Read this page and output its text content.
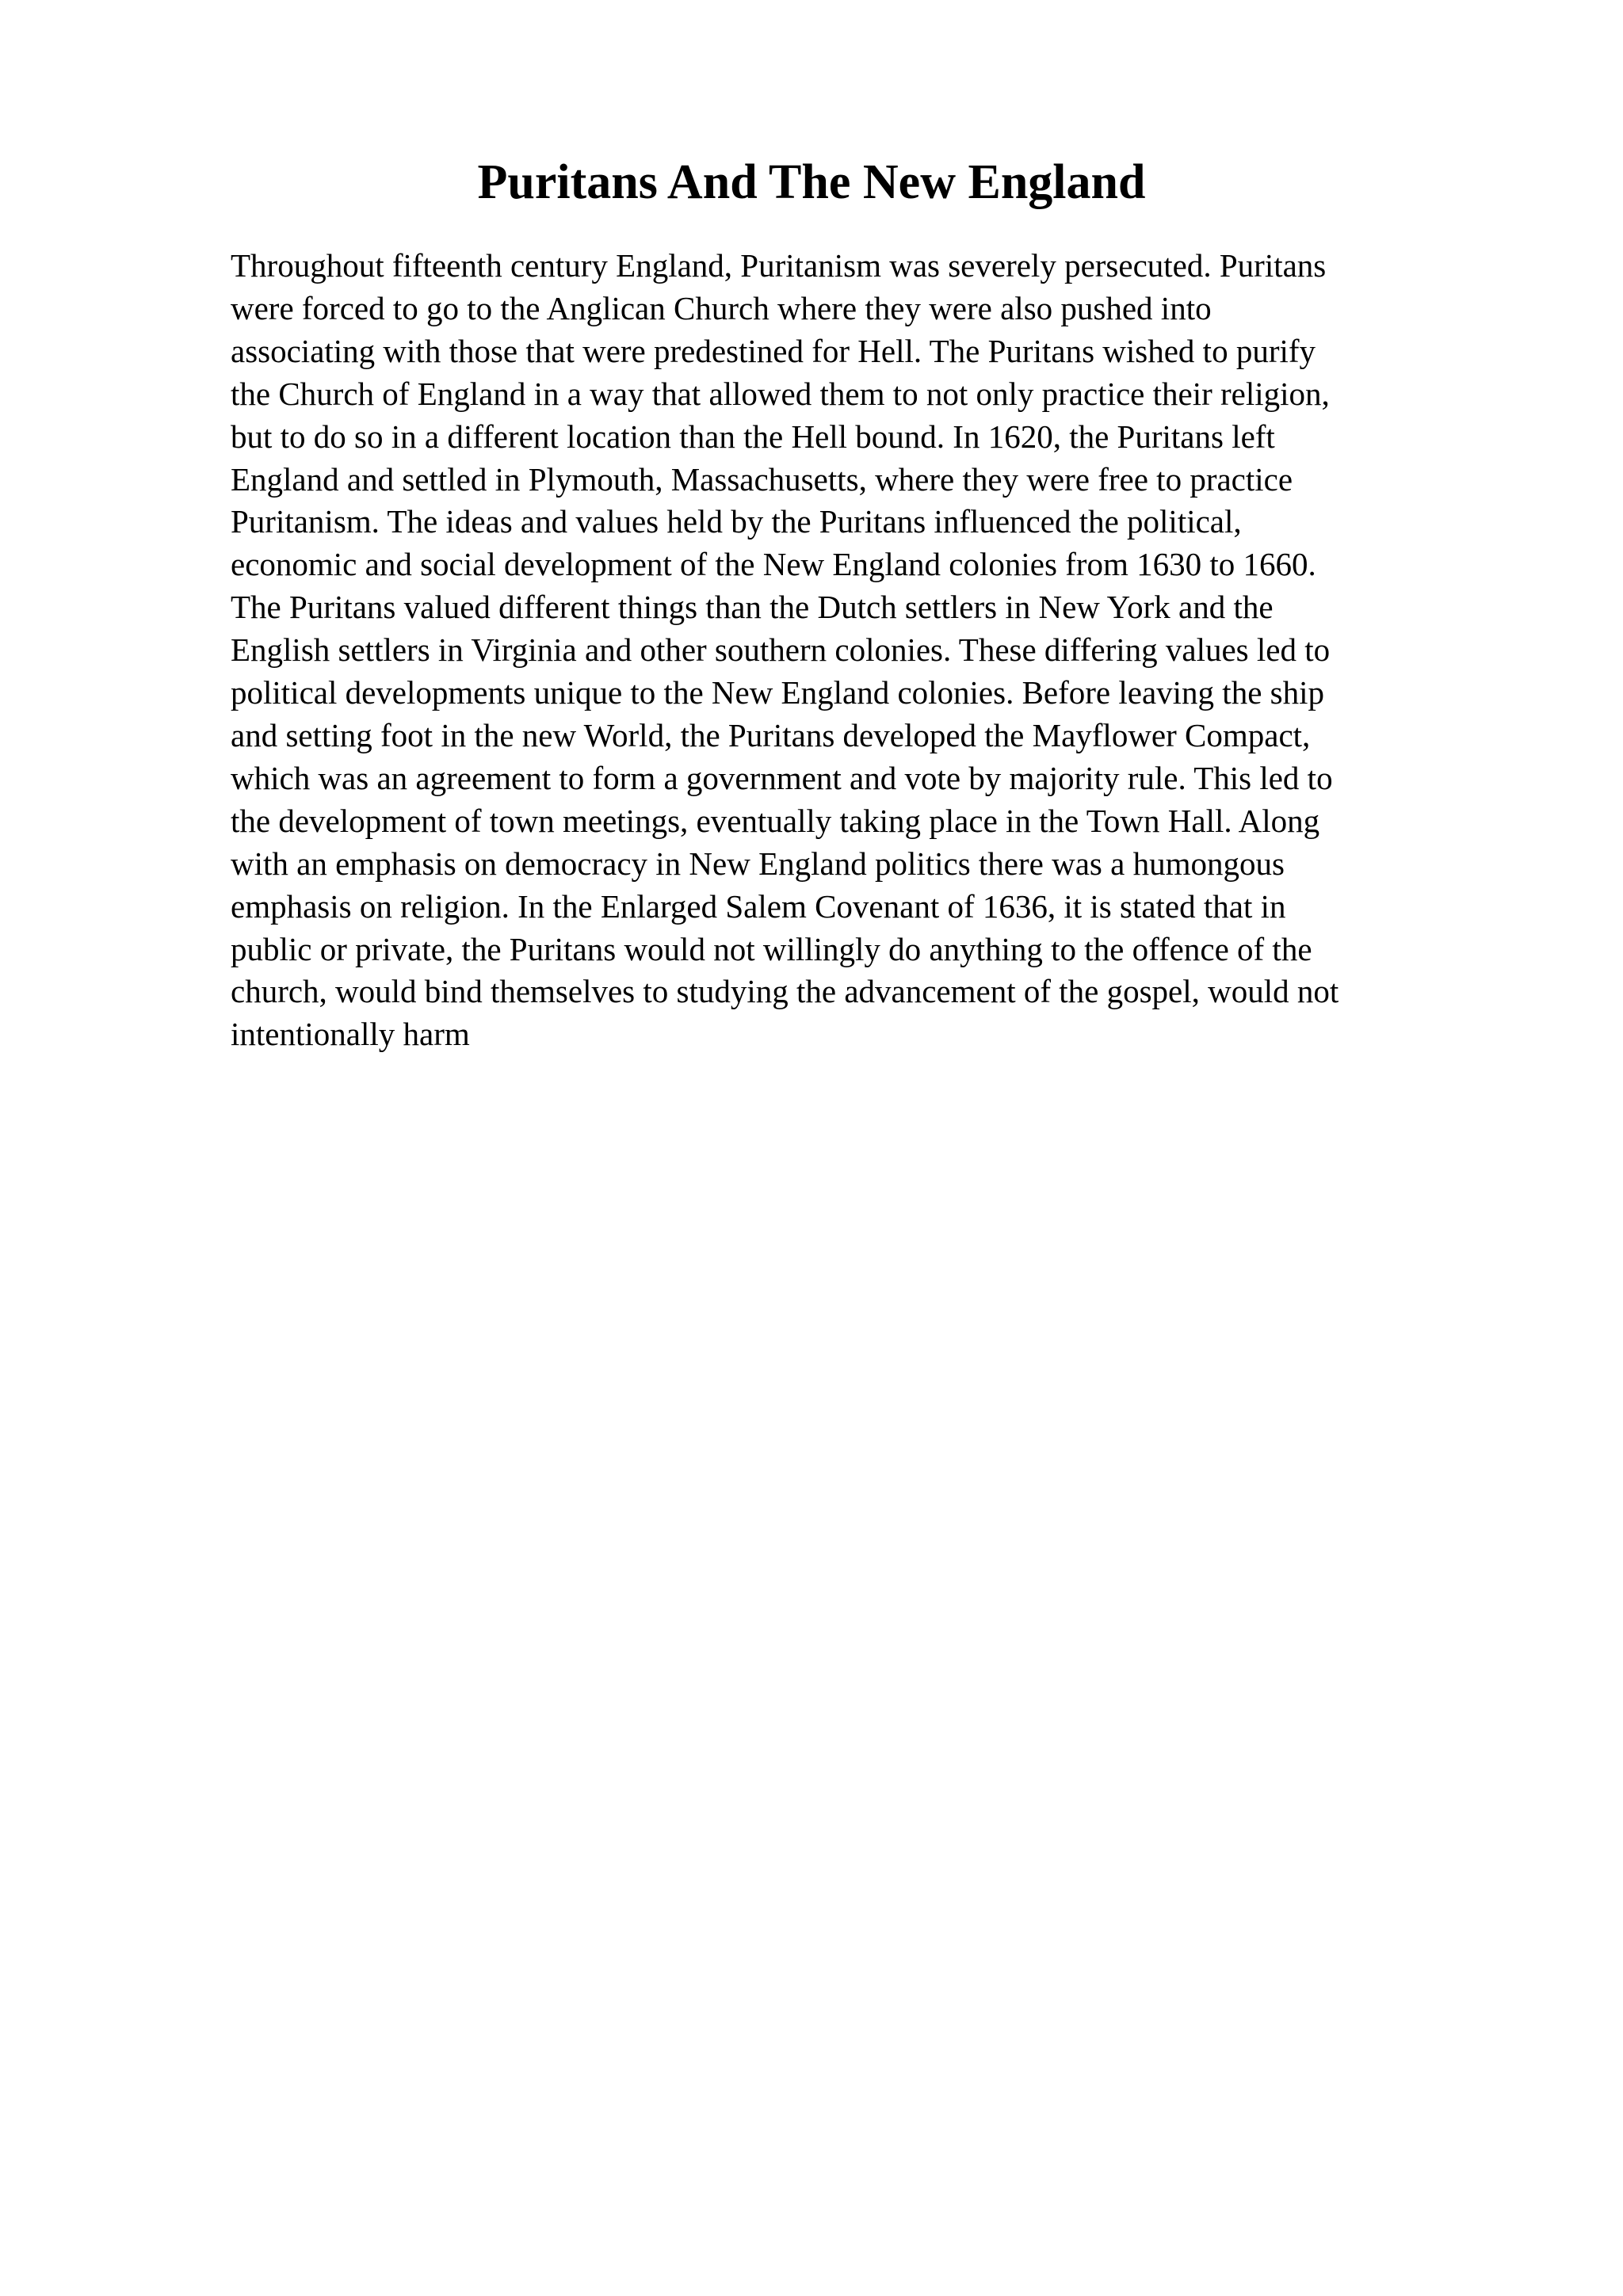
Puritans And The New England

Throughout fifteenth century England, Puritanism was severely persecuted. Puritans
were forced to go to the Anglican Church where they were also pushed into
associating with those that were predestined for Hell. The Puritans wished to purify
the Church of England in a way that allowed them to not only practice their religion,
but to do so in a different location than the Hell bound. In 1620, the Puritans left
England and settled in Plymouth, Massachusetts, where they were free to practice
Puritanism. The ideas and values held by the Puritans influenced the political,
economic and social development of the New England colonies from 1630 to 1660.
The Puritans valued different things than the Dutch settlers in New York and the
English settlers in Virginia and other southern colonies. These differing values led to
political developments unique to the New England colonies. Before leaving the ship
and setting foot in the new World, the Puritans developed the Mayflower Compact,
which was an agreement to form a government and vote by majority rule. This led to
the development of town meetings, eventually taking place in the Town Hall. Along
with an emphasis on democracy in New England politics there was a humongous
emphasis on religion. In the Enlarged Salem Covenant of 1636, it is stated that in
public or private, the Puritans would not willingly do anything to the offence of the
church, would bind themselves to studying the advancement of the gospel, would not
intentionally harm
